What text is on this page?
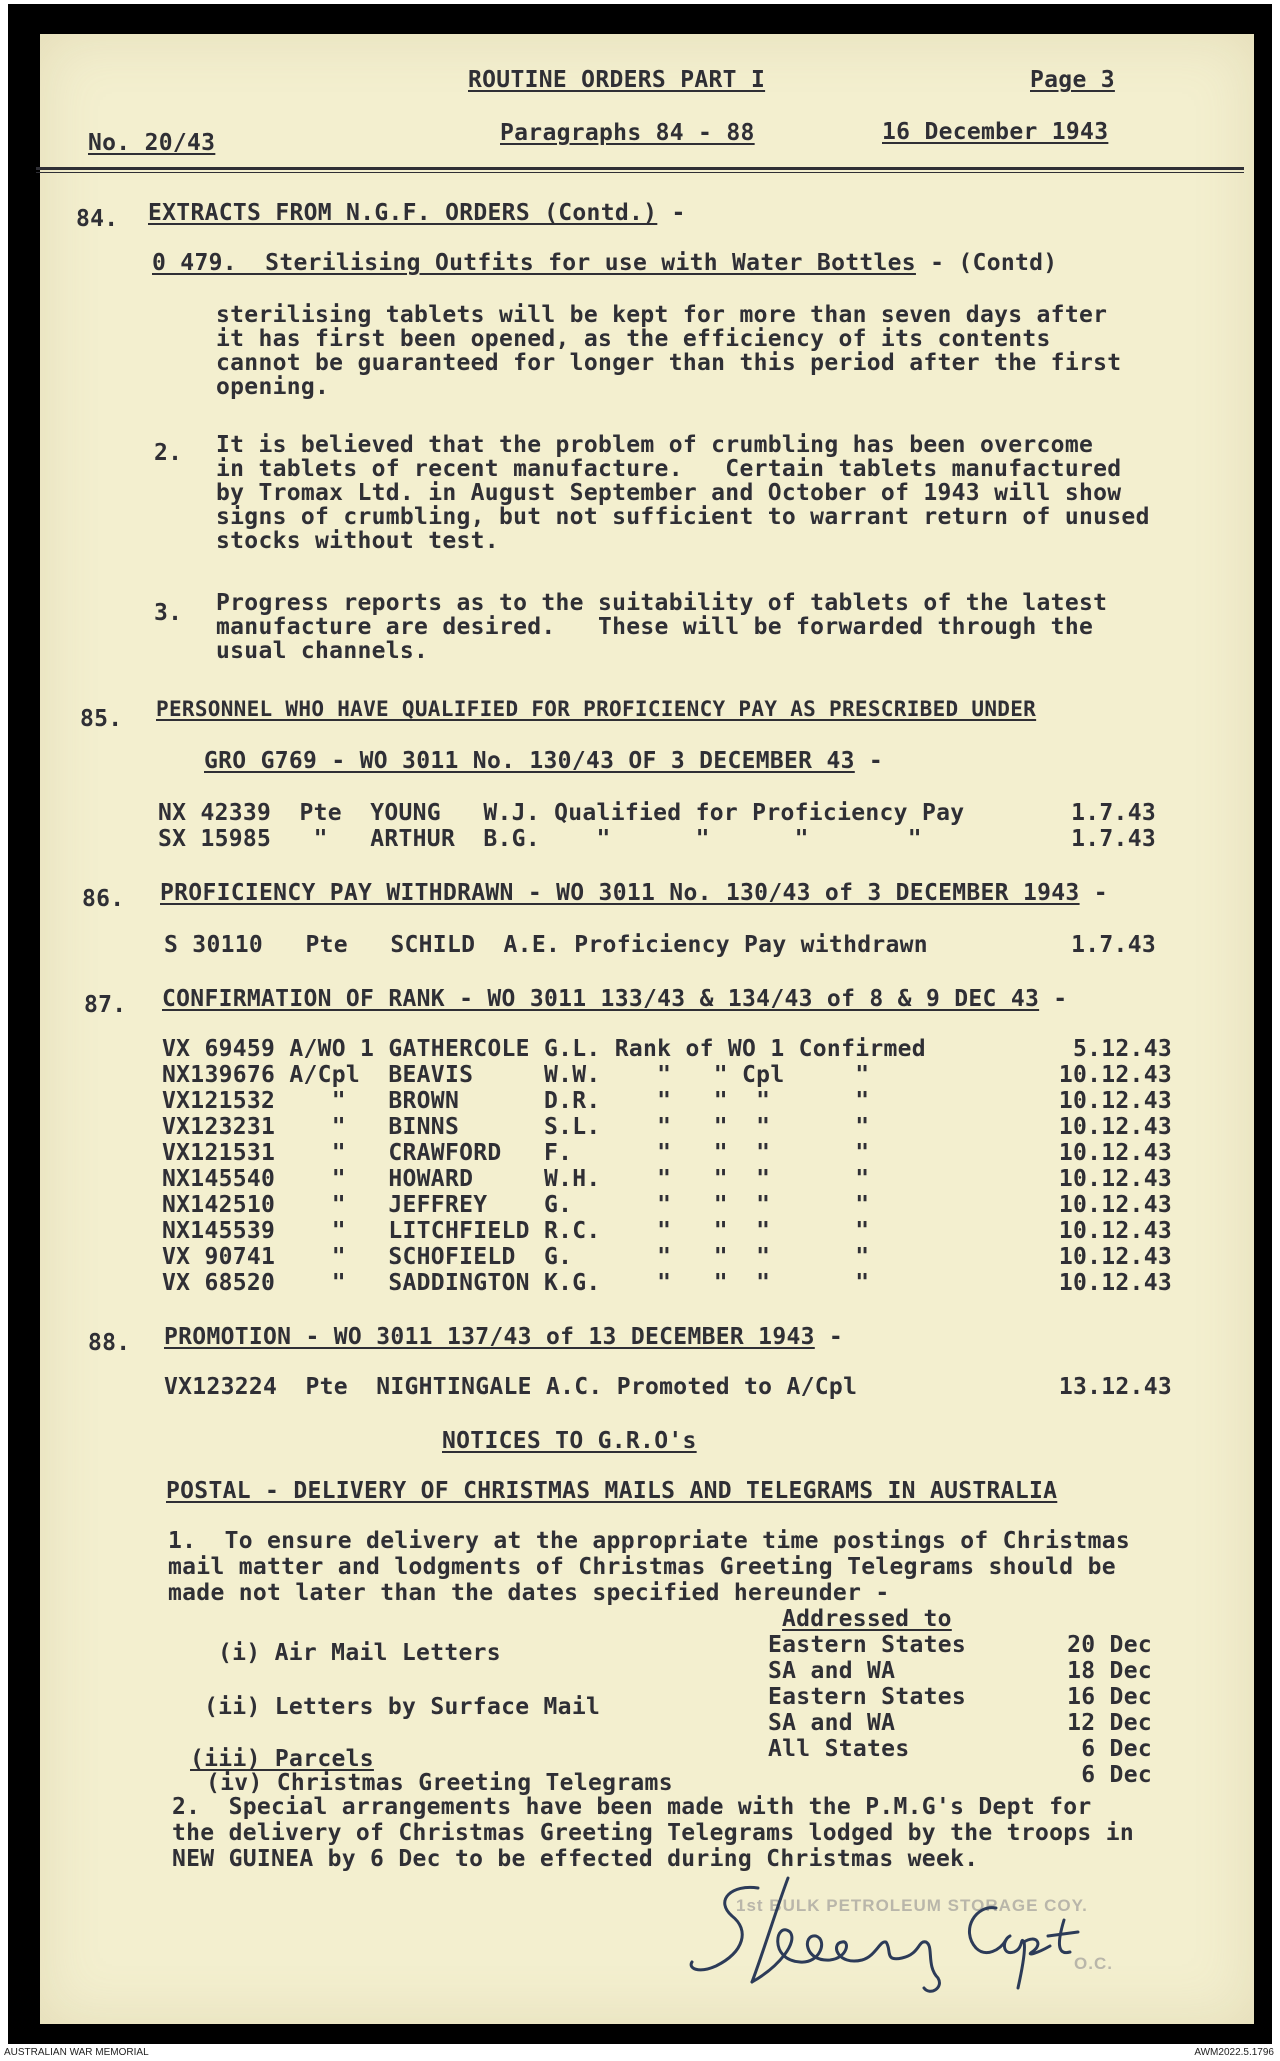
ROUTINE ORDERS PART I	Page 3
No. 20/43	Paragraphs 84 - 88	16 December 1943
84. EXTRACTS FROM N.G.F. ORDERS (Contd.) -
0 479.  Sterilising Outfits for use with Water Bottles - (Contd)
sterilising tablets will be kept for more than seven days after
it has first been opened, as the efficiency of its contents
cannot be guaranteed for longer than this period after the first
opening.
2. It is believed that the problem of crumbling has been overcome
in tablets of recent manufacture.   Certain tablets manufactured
by Tromax Ltd. in August September and October of 1943 will show
signs of crumbling, but not sufficient to warrant return of unused
stocks without test.
3. Progress reports as to the suitability of tablets of the latest
manufacture are desired.   These will be forwarded through the
usual channels.
85. PERSONNEL WHO HAVE QUALIFIED FOR PROFICIENCY PAY AS PRESCRIBED UNDER
GRO G769 - WO 3011 No. 130/43 OF 3 DECEMBER 43 -
NX 42339  Pte  YOUNG   W.J. Qualified for Proficiency Pay	1.7.43
SX 15985   "   ARTHUR  B.G.    "      "      "       "	1.7.43
86. PROFICIENCY PAY WITHDRAWN - WO 3011 No. 130/43 of 3 DECEMBER 1943 -
S 30110   Pte   SCHILD  A.E. Proficiency Pay withdrawn	1.7.43
87. CONFIRMATION OF RANK - WO 3011 133/43 & 134/43 of 8 & 9 DEC 43 -
VX 69459 A/WO 1 GATHERCOLE G.L. Rank of WO 1 Confirmed	5.12.43
NX139676 A/Cpl  BEAVIS     W.W.    "   " Cpl     "	10.12.43
VX121532    "   BROWN      D.R.    "   "  "      "	10.12.43
VX123231    "   BINNS      S.L.    "   "  "      "	10.12.43
VX121531    "   CRAWFORD   F.      "   "  "      "	10.12.43
NX145540    "   HOWARD     W.H.    "   "  "      "	10.12.43
NX142510    "   JEFFREY    G.      "   "  "      "	10.12.43
NX145539    "   LITCHFIELD R.C.    "   "  "      "	10.12.43
VX 90741    "   SCHOFIELD  G.      "   "  "      "	10.12.43
VX 68520    "   SADDINGTON K.G.    "   "  "      "	10.12.43
88. PROMOTION - WO 3011 137/43 of 13 DECEMBER 1943 -
VX123224  Pte  NIGHTINGALE A.C. Promoted to A/Cpl	13.12.43
NOTICES TO G.R.O's
POSTAL - DELIVERY OF CHRISTMAS MAILS AND TELEGRAMS IN AUSTRALIA
1.  To ensure delivery at the appropriate time postings of Christmas
mail matter and lodgments of Christmas Greeting Telegrams should be
made not later than the dates specified hereunder -
Addressed to
(i) Air Mail Letters	Eastern States	20 Dec
SA and WA	18 Dec
(ii) Letters by Surface Mail	Eastern States	16 Dec
SA and WA	12 Dec
(iii) Parcels	All States	6 Dec
(iv) Christmas Greeting Telegrams	6 Dec
2.  Special arrangements have been made with the P.M.G's Dept for
the delivery of Christmas Greeting Telegrams lodged by the troops in
NEW GUINEA by 6 Dec to be effected during Christmas week.
1st BULK PETROLEUM STORAGE COY.
O.C.
AUSTRALIAN WAR MEMORIAL	AWM2022.5.1796
